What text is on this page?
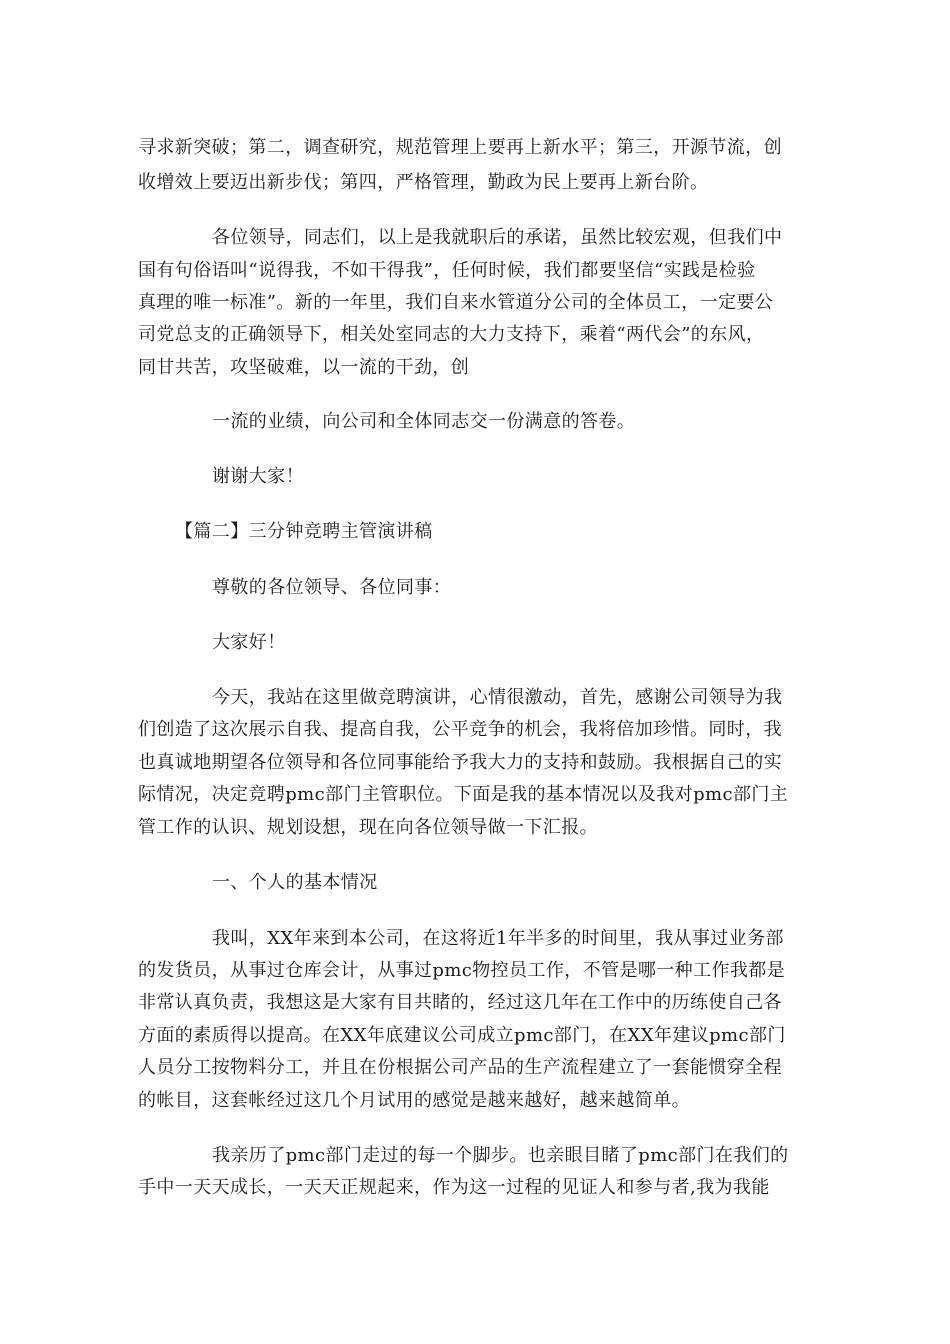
寻求新突破；第二，调查研究，规范管理上要再上新水平；第三，开源节流，创
收增效上要迈出新步伐；第四，严格管理，勤政为民上要再上新台阶。
各位领导，同志们，以上是我就职后的承诺，虽然比较宏观，但我们中
国有句俗语叫“说得我，不如干得我”，任何时候，我们都要坚信“实践是检验
真理的唯一标准”。新的一年里，我们自来水管道分公司的全体员工，一定要公
司党总支的正确领导下，相关处室同志的大力支持下，乘着“两代会”的东风，
同甘共苦，攻坚破难，以一流的干劲，创
一流的业绩，向公司和全体同志交一份满意的答卷。
谢谢大家！
【篇二】三分钟竞聘主管演讲稿
尊敬的各位领导、各位同事：
大家好！
今天，我站在这里做竞聘演讲，心情很激动，首先，感谢公司领导为我
们创造了这次展示自我、提高自我，公平竞争的机会，我将倍加珍惜。同时，我
也真诚地期望各位领导和各位同事能给予我大力的支持和鼓励。我根据自己的实
际情况，决定竞聘pmc部门主管职位。下面是我的基本情况以及我对pmc部门主
管工作的认识、规划设想，现在向各位领导做一下汇报。
一、个人的基本情况
我叫，XX年来到本公司，在这将近1年半多的时间里，我从事过业务部
的发货员，从事过仓库会计，从事过pmc物控员工作，不管是哪一种工作我都是
非常认真负责，我想这是大家有目共睹的，经过这几年在工作中的历练使自己各
方面的素质得以提高。在XX年底建议公司成立pmc部门，在XX年建议pmc部门
人员分工按物料分工，并且在份根据公司产品的生产流程建立了一套能惯穿全程
的帐目，这套帐经过这几个月试用的感觉是越来越好，越来越简单。
我亲历了pmc部门走过的每一个脚步。也亲眼目睹了pmc部门在我们的
手中一天天成长，一天天正规起来，作为这一过程的见证人和参与者,我为我能
